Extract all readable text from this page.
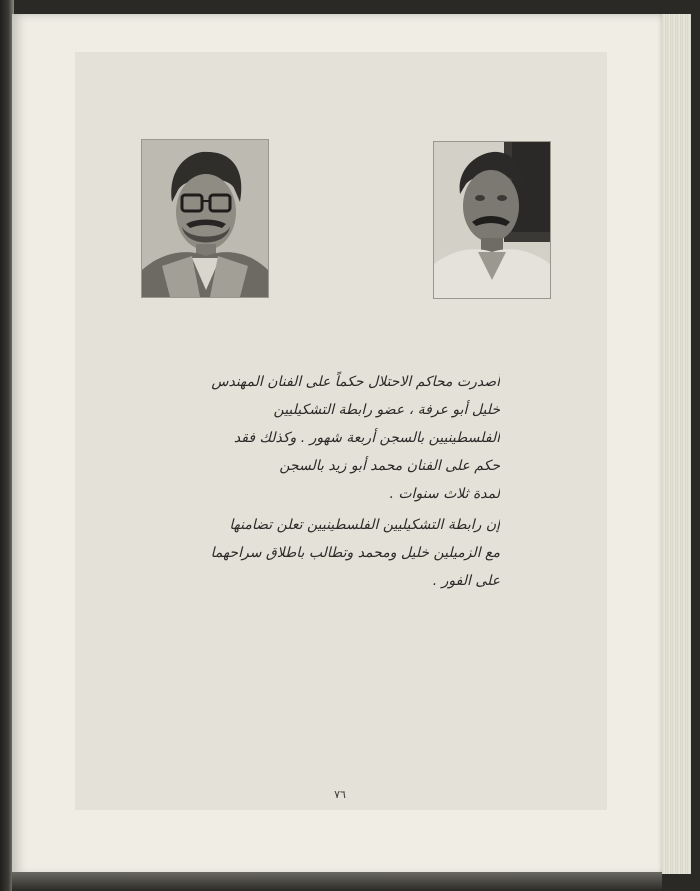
أصدرت محاكم الاحتلال حكماً على الفنان المهندس
خليل أبو عرفة ، عضو رابطة التشكيليين
الفلسطينيين بالسجن أربعة شهور . وكذلك فقد
حكم على الفنان محمد أبو زيد بالسجن
لمدة ثلاث سنوات .
إن رابطة التشكيليين الفلسطينيين تعلن تضامنها
مع الزميلين خليل ومحمد وتطالب باطلاق سراحهما
على الفور .
٧٦
